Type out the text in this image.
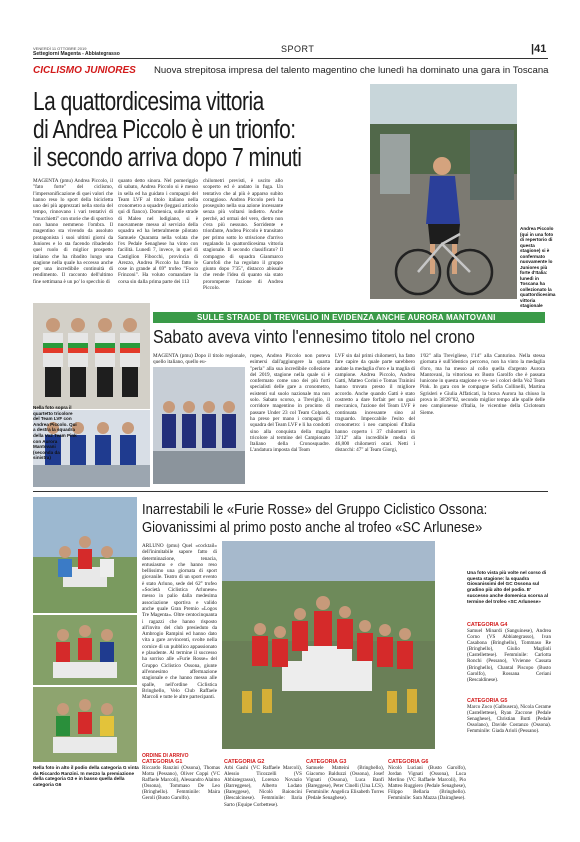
VENERDÌ 11 OTTOBRE 2019
Settegiorni Magenta - Abbiategrasso	SPORT	|41
CICLISMO JUNIORES Nuova strepitosa impresa del talento magentino che lunedì ha dominato una gara in Toscana
La quattordicesima vittoria
di Andrea Piccolo è un trionfo:
il secondo arriva dopo 7 minuti
MAGENTA (pmu) Andrea Piccolo, il "fato forte" del ciclismo, l'impersonificazione di quei valori che hanno reso lo sport della bicicletta uno dei più apprezzati nella storia del tempo, rinnovano i vari tentativi di "mucchietti" con storie che di sportivo non hanno nemmeno l'ombra. Il magentino sta vivendo da assoluto protagonista i suoi ultimi giorni da Juniores e lo sta facendo ribadendo quel ruolo di miglior prospetto italiano che ha ribadito lungo una stagione nella quale ha eccesso anche per una incredibile continuità di rendimento. Il racconto dell'ultimo fine settimana è un po' lo specchio di
quanto detto sinora. Nel pomeriggio di sabato, Andrea Piccolo si è messo in sella ed ha guidato i compagni del Team LVF al titolo italiano nella cronometro a squadre (leggasi articolo qui di fianco). Domenica, sulle strade di Maleo nel lodigiano, si è nuovamente messo al servizio della squadra ed ha letteralmente pilotato Samuele Quaranta nella volata che l'ex Pedale Senaghese ha vinto con facilità. Lunedì 7, invece, in quel di Castiglion Fibocchi, provincia di Arezzo, Andrea Piccolo ha fatto le cose in grande al 69° trofeo "Fosco Frinzoni". Ha voluto comandare la corsa sin dalla prima parte dei 113
chilometri previsti, è uscito allo scoperto ed è andato in fuga. Un tentativo che al più è apparso subito coraggioso. Andrea Piccolo però ha proseguito nella sua azione incessante senza più voltarsi indietro. Anche perché, ad ormai del vero, dietro non c'era più nessuno. Sorridente e trionfante, Andrea Piccolo è transitato per primo sotto lo striscione d'arrivo regalando la quattordicesima vittoria stagionale. Il secondo classificato? Il compagno di squadra Gianmarco Garofoli che ha regolato il gruppo giunto dopo 7'35", distacco abissale che rende l'idea di quanto sia stato prorompente l'azione di Andrea Piccolo.
Andrea Piccolo (qui in una foto di repertorio di questa stagione) si è confermato nuovamente lo Juniores più forte d'Italia: lunedì in Toscana ha collezionato la quattordicesima vittoria stagionale
SULLE STRADE DI TREVIGLIO IN EVIDENZA ANCHE AURORA MANTOVANI
Sabato aveva vinto l'ennesimo titolo nel crono
MAGENTA (pmu) Dopo il titolo regionale, quello italiano, quello eu-
Nella foto sopra il quartetto tricolore del Team LVF con Andrea Piccolo. Qui a destra la squadra della Vo2 Team Pink con Aurora Mantovani (seconda da sinistra)
ropeo, Andrea Piccolo non poteva esimersi dall'aggiungere la quarta "perla" alla sua incredibile collezione del 2019, stagione nella quale si è confermato come uno dei più forti specialisti delle gare a cronometro, esistenti sul suolo nazionale ma non solo. Sabato scorso, a Treviglio, il corridore magentino in procinto di passare Under 23 col Team Colpack, ha preso per mano i compagni di squadra del Team LVF e li ha condotti sino alla conquista della maglia tricolore al termine del Campionato Italiano della Cronosquadre. L'andatura imposta dal Team
LVF sin dal primi chilometri, ha fatto fare capire da quale parte sarebbero andate la medaglia d'oro e la maglia di campione. Andrea Piccolo, Andrea Gatti, Matteo Corini e Tomas Trainini hanno trovato presto il migliore accordo. Anche quando Gatti è stato costretto a dare forfait per un guai meccanico, l'azione del Team LVF è continuata incessante sino al traguardo. Impeccabile l'esito del cronometro: i neo campioni d'Italia hanno coperto i 37 chilometri in 33'12" alla incredibile media di 46,800 chilometri orari. Netti i distacchi: 47" al Team Giorgi,
1'02" alla Trevigliese, 1'14" alla Canturino. Nella stessa giornata è sull'identico percorso, non ha vinto la medaglia d'oro, ma ha messo al collo quella d'argento Aurora Mantovani, la vittoriosa ex Busto Garolfo che è passata lunicone in questa stagione e vo- se i colori della Vo2 Team Pink. In gara con le compagne Sofia Collinelli, Martina Sgrisleri e Giulia Affaticati, la brava Aurora ha chiuso la prova in 38'28"82, secondo miglior tempo alle spalle delle neo campionesse d'Italia, le vicentine della Cicloteam Sieme.
Nella foto in alto il podio della categoria G vinta da Riccardo Ranzini. In mezzo la premiazione della categoria G3 e in basso quella della categoria G6
Inarrestabili le «Furie Rosse» del Gruppo Ciclistico Ossona:
Giovanissimi al primo posto anche al trofeo «SC Arlunese»
ARLUNO (pmu) Quel «cocktail» dell'inimitabile sapore fatto di determinazione, tenacia, entusiasmo e che hanno reso bellissimo una giornata di sport giovanile. Teatro di un sport evento è stato Arluno, sede del 62° trofeo «Società Ciclistica Arlunese» messo in palio dalla medesima associazione sportiva e valido anche quale Gran Premio «Logos Tre Magenta». Oltre centocinquanta i ragazzi che hanno risposto all'invito del club presieduto da Ambrogio Rampini ed hanno dato vita a gare avvincenti, svolte nella cornice di un pubblico appassionato e plaudente. Al termine il successo ha sorriso alle «Furie Rosse» del Gruppo Ciclistico Ossona, giunte all'ennesimo affermazione stagionale e che hanno messo alle spalle, nell'ordine Ciclistica Bringhello, Velo Club Raffaele Marcoli e tutte le altre partecipanti.
Una foto vista più volte nel corso di questa stagione: la squadra Giovanissimi del GC Ossona sul gradino più alto del podio. E' successo anche domenica scorsa al termine del trofeo «SC Arlunese»
CATEGORIA G4
Samuel Minardi (Sanguinese), Andrea Corno (VS Abbiategrasso), Ivan Casabona (Bringhello), Tommaso Re (Bringhello), Giulio Maglioli (Castellettese). Femminile: Carlotta Ronchi (Pessano), Vivienne Cassata (Bringhello), Chantal Piscopo (Busto Garolfo), Rossana Ceriani (Rescaldinese).
CATEGORIA G5
Marco Zoco (Galbusera), Nicola Cerame (Castellettese), Ryan Zaccone (Pedale Senaghese), Christian Butti (Pedale Ossolano), Davide Costanzo (Ossona). Femminile: Giada Arioli (Pessano).
ORDINE DI ARRIVO
CATEGORIA G1
Riccardo Ranzini (Ossona), Thomas Motta (Pessano), Oliver Coppi (VC Raffaele Marcoli), Alessandro Alaimo (Ossona), Tommaso De Leo (Bringhello). Femminile: Maira Geroli (Busto Garolfo).
CATEGORIA G2
Arbi Gashi (VC Raffaele Marcoli), Alessio Ticozzelli (VS Abbiategrasso), Lorenzo Novazio (Barreggese), Alberto Lodato (Bareggese), Nicolò Baioncini (Bescalcinese). Femminile: Ilaria Sarto (Equipe Corbettese).
CATEGORIA G3
Samuele Matteini (Bringhello), Giacomo Balduzzi (Ossona), Josef Vignati (Ossona), Luca Banfi (Bareggese), Peter Cinelli (Una LCS). Femminile: Angelica Elisabeth Torres (Pedale Senaghese).
CATEGORIA G6
Nicolò Luciani (Busto Garolfo), Jordan Vignati (Ossona), Luca Merlino (VC Raffaele Marcoli), Pio Matteo Ruggiero (Pedale Senaghese), Filippo Bellaria (Bringhello). Femminile: Sara Mazza (Dairaghese).
